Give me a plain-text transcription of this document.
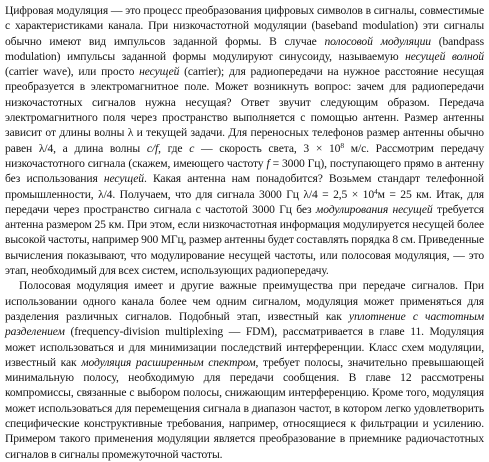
Цифровая модуляция — это процесс преобразования цифровых символов в сигналы, совместимые с характеристиками канала. При низкочастотной модуляции (baseband modulation) эти сигналы обычно имеют вид импульсов заданной формы. В случае полосовой модуляции (bandpass modulation) импульсы заданной формы модулируют синусоиду, называемую несущей волной (carrier wave), или просто несущей (carrier); для радиопередачи на нужное расстояние несущая преобразуется в электромагнитное поле. Может возникнуть вопрос: зачем для радиопередачи низкочастотных сигналов нужна несущая? Ответ звучит следующим образом. Передача электромагнитного поля через пространство выполняется с помощью антенн. Размер антенны зависит от длины волны λ и текущей задачи. Для переносных телефонов размер антенны обычно равен λ/4, а длина волны c/f, где c — скорость света, $3 \times 10^8$ м/с. Рассмотрим передачу низкочастотного сигнала (скажем, имеющего частоту f = 3000 Гц), поступающего прямо в антенну без использования несущей. Какая антенна нам понадобится? Возьмем стандарт телефонной промышленности, λ/4. Получаем, что для сигнала 3000 Гц $\lambda/4 = 2,5 \times 10^4м = 25$ км. Итак, для передачи через пространство сигнала с частотой 3000 Гц без модулирования несущей требуется антенна размером 25 км. При этом, если низкочастотная информация модулируется несущей более высокой частоты, например 900 МГц, размер антенны будет составлять порядка 8 см. Приведенные вычисления показывают, что модулирование несущей частоты, или полосовая модуляция, — это этап, необходимый для всех систем, использующих радиопередачу.

Полосовая модуляция имеет и другие важные преимущества при передаче сигналов. При использовании одного канала более чем одним сигналом, модуляция может применяться для разделения различных сигналов. Подобный этап, известный как уплотнение с частотным разделением (frequency-division multiplexing — FDM), рассматривается в главе 11. Модуляция может использоваться и для минимизации последствий интерференции. Класс схем модуляции, известный как модуляция расширенным спектром, требует полосы, значительно превышающей минимальную полосу, необходимую для передачи сообщения. В главе 12 рассмотрены компромиссы, связанные с выбором полосы, снижающим интерференцию. Кроме того, модуляция может использоваться для перемещения сигнала в диапазон частот, в котором легко удовлетворить специфические конструктивные требования, например, относящиеся к фильтрации и усилению. Примером такого применения модуляции является преобразование в приемнике радиочастотных сигналов в сигналы промежуточной частоты.
